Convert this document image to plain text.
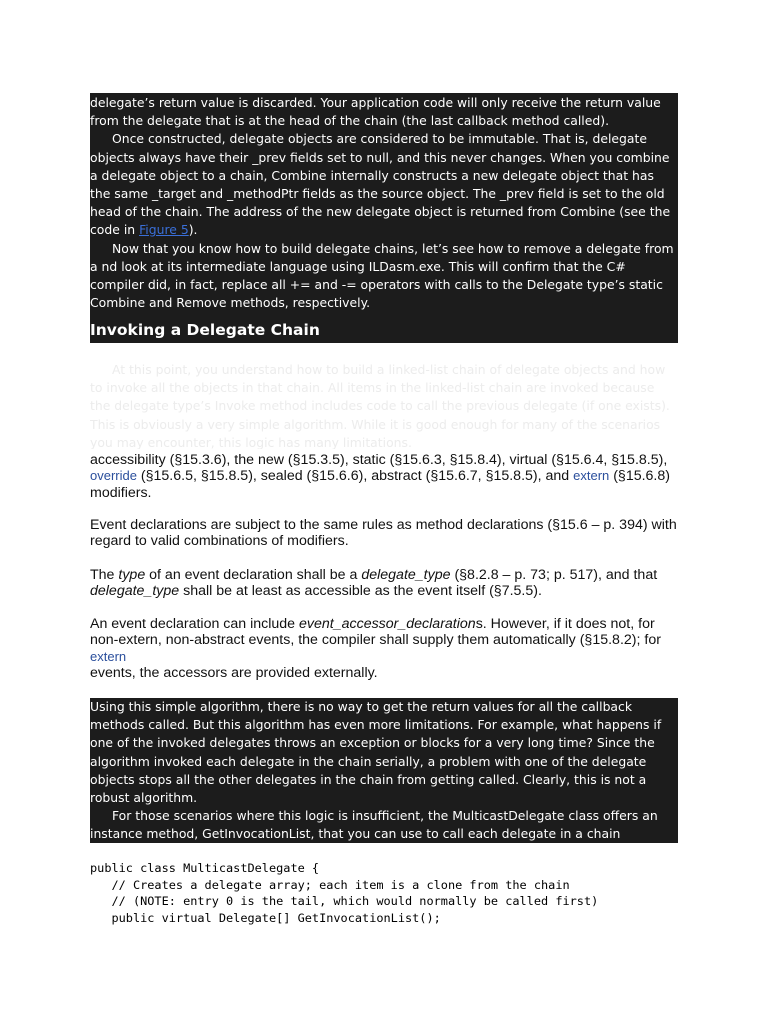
delegate’s return value is discarded. Your application code will only receive the return value from the delegate that is at the head of the chain (the last callback method called).

Once constructed, delegate objects are considered to be immutable. That is, delegate objects always have their _prev fields set to null, and this never changes. When you combine a delegate object to a chain, Combine internally constructs a new delegate object that has the same _target and _methodPtr fields as the source object. The _prev field is set to the old head of the chain. The address of the new delegate object is returned from Combine (see the code in Figure 5).

Now that you know how to build delegate chains, let’s see how to remove a delegate from a nd look at its intermediate language using ILDasm.exe. This will confirm that the C# compiler did, in fact, replace all += and -= operators with calls to the Delegate type’s static Combine and Remove methods, respectively.

Invoking a Delegate Chain

At this point, you understand how to build a linked-list chain of delegate objects and how to invoke all the objects in that chain. All items in the linked-list chain are invoked because the delegate type’s Invoke method includes code to call the previous delegate (if one exists). This is obviously a very simple algorithm. While it is good enough for many of the scenarios you may encounter, this logic has many limitations.

accessibility (§15.3.6), the new (§15.3.5), static (§15.6.3, §15.8.4), virtual (§15.6.4, §15.8.5),
override (§15.6.5, §15.8.5), sealed (§15.6.6), abstract (§15.6.7, §15.8.5), and extern (§15.6.8) modifiers.

Event declarations are subject to the same rules as method declarations (§15.6 – p. 394) with regard to valid combinations of modifiers.

The type of an event declaration shall be a delegate_type (§8.2.8 – p. 73; p. 517), and that
delegate_type shall be at least as accessible as the event itself (§7.5.5).

An event declaration can include event_accessor_declarations. However, if it does not, for non-extern, non-abstract events, the compiler shall supply them automatically (§15.8.2); for extern
events, the accessors are provided externally.

Using this simple algorithm, there is no way to get the return values for all the callback methods called. But this algorithm has even more limitations. For example, what happens if one of the invoked delegates throws an exception or blocks for a very long time? Since the algorithm invoked each delegate in the chain serially, a problem with one of the delegate objects stops all the other delegates in the chain from getting called. Clearly, this is not a robust algorithm.

For those scenarios where this logic is insufficient, the MulticastDelegate class offers an instance method, GetInvocationList, that you can use to call each delegate in a chain explicitly, using any algorithm that meets your needs:

public class MulticastDelegate {
// Creates a delegate array; each item is a clone from the chain
// (NOTE: entry 0 is the tail, which would normally be called first)
public virtual Delegate[] GetInvocationList();
